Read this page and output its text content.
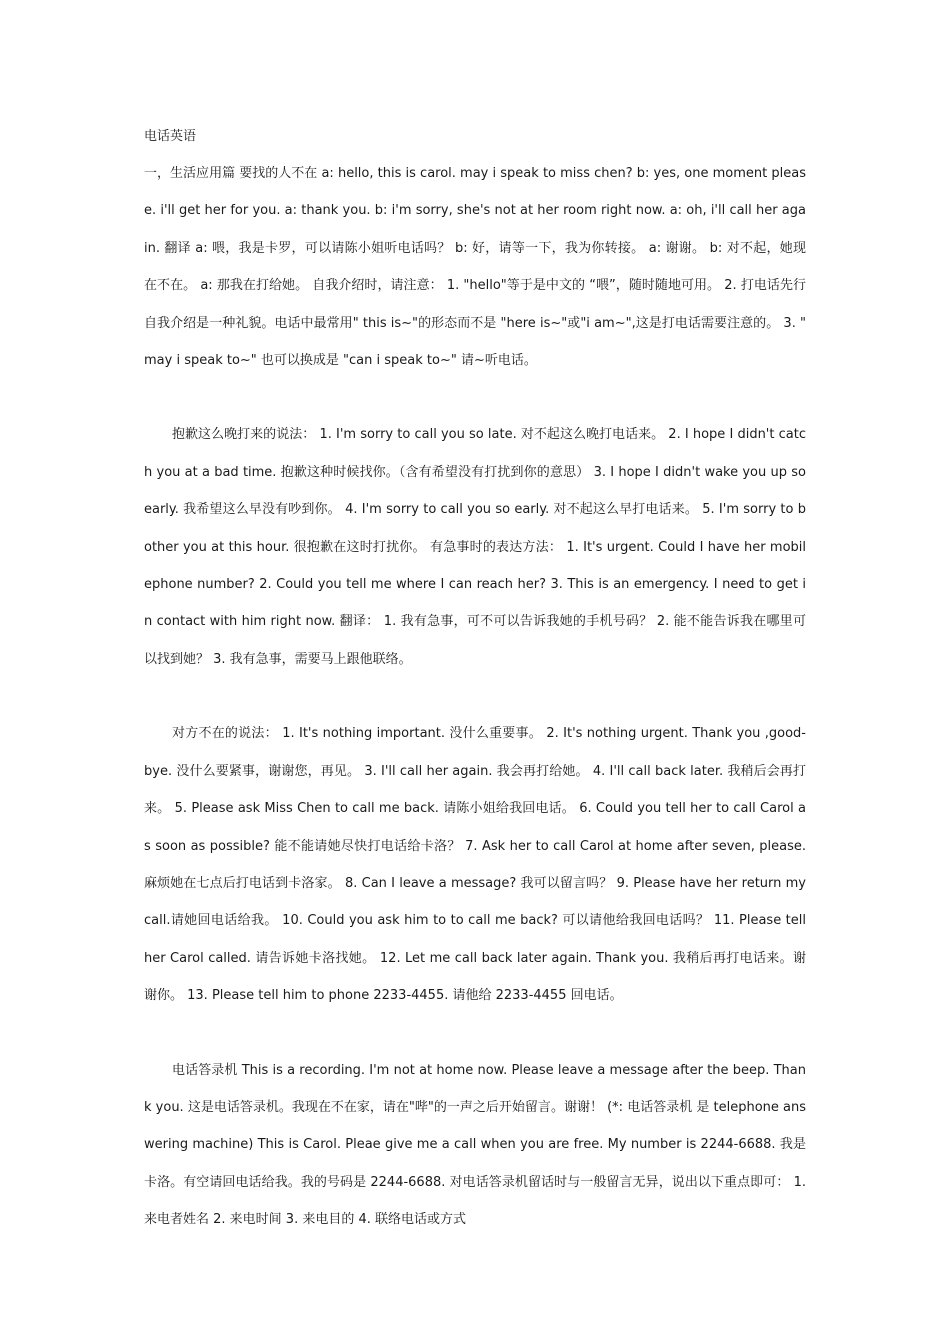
电话英语

一，生活应用篇 要找的人不在 a: hello, this is carol. may i speak to miss chen? b: yes, one moment please. i'll get her for you. a: thank you. b: i'm sorry, she's not at her room right now. a: oh, i'll call her again. 翻译 a: 喂，我是卡罗，可以请陈小姐听电话吗？ b: 好，请等一下，我为你转接。 a: 谢谢。 b: 对不起，她现在不在。 a: 那我在打给她。 自我介绍时，请注意： 1. "hello"等于是中文的 “喂”，随时随地可用。 2. 打电话先行自我介绍是一种礼貌。电话中最常用" this is~"的形态而不是 "here is~"或"i am~",这是打电话需要注意的。 3. " may i speak to~" 也可以换成是 "can i speak to~" 请~听电话。

抱歉这么晚打来的说法： 1. I'm sorry to call you so late. 对不起这么晚打电话来。 2. I hope I didn't catch you at a bad time. 抱歉这种时候找你。（含有希望没有打扰到你的意思） 3. I hope I didn't wake you up so early. 我希望这么早没有吵到你。 4. I'm sorry to call you so early. 对不起这么早打电话来。 5. I'm sorry to bother you at this hour. 很抱歉在这时打扰你。 有急事时的表达方法： 1. It's urgent. Could I have her mobilephone number? 2. Could you tell me where I can reach her? 3. This is an emergency. I need to get in contact with him right now. 翻译： 1. 我有急事，可不可以告诉我她的手机号码？ 2. 能不能告诉我在哪里可以找到她？ 3. 我有急事，需要马上跟他联络。

对方不在的说法： 1. It's nothing important. 没什么重要事。 2. It's nothing urgent. Thank you ,good-bye. 没什么要紧事，谢谢您，再见。 3. I'll call her again. 我会再打给她。 4. I'll call back later. 我稍后会再打来。 5. Please ask Miss Chen to call me back. 请陈小姐给我回电话。 6. Could you tell her to call Carol as soon as possible? 能不能请她尽快打电话给卡洛？ 7. Ask her to call Carol at home after seven, please. 麻烦她在七点后打电话到卡洛家。 8. Can I leave a message? 我可以留言吗？ 9. Please have her return my call.请她回电话给我。 10. Could you ask him to to call me back? 可以请他给我回电话吗？ 11. Please tell her Carol called. 请告诉她卡洛找她。 12. Let me call back later again. Thank you. 我稍后再打电话来。谢谢你。 13. Please tell him to phone 2233-4455. 请他给 2233-4455 回电话。

电话答录机 This is a recording. I'm not at home now. Please leave a message after the beep. Thank you. 这是电话答录机。我现在不在家，请在"哔"的一声之后开始留言。谢谢！ (*: 电话答录机 是 telephone answering machine) This is Carol. Pleae give me a call when you are free. My number is 2244-6688. 我是卡洛。有空请回电话给我。我的号码是 2244-6688. 对电话答录机留话时与一般留言无异，说出以下重点即可： 1. 来电者姓名 2. 来电时间 3. 来电目的 4. 联络电话或方式
